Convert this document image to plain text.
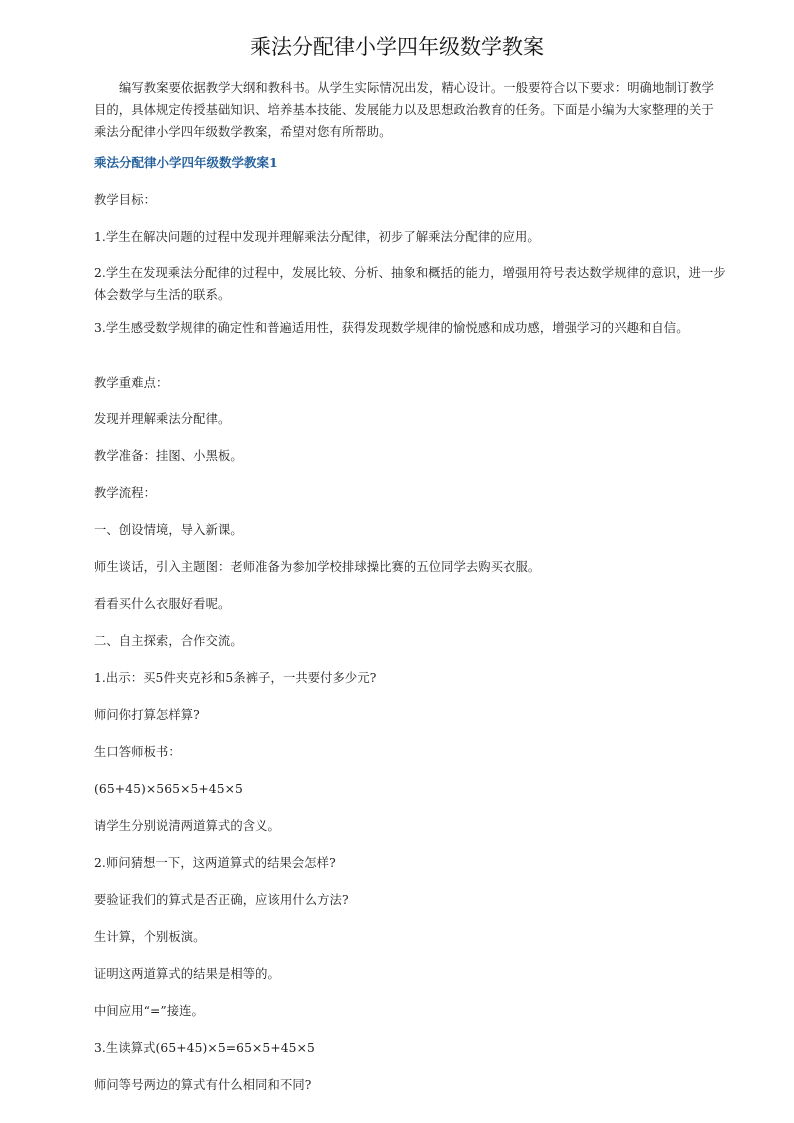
乘法分配律小学四年级数学教案

编写教案要依据教学大纲和教科书。从学生实际情况出发，精心设计。一般要符合以下要求：明确地制订教学目的，具体规定传授基础知识、培养基本技能、发展能力以及思想政治教育的任务。下面是小编为大家整理的关于乘法分配律小学四年级数学教案，希望对您有所帮助。

乘法分配律小学四年级数学教案1

教学目标：

1.学生在解决问题的过程中发现并理解乘法分配律，初步了解乘法分配律的应用。

2.学生在发现乘法分配律的过程中，发展比较、分析、抽象和概括的能力，增强用符号表达数学规律的意识，进一步体会数学与生活的联系。

3.学生感受数学规律的确定性和普遍适用性，获得发现数学规律的愉悦感和成功感，增强学习的兴趣和自信。

教学重难点：

发现并理解乘法分配律。

教学准备：挂图、小黑板。

教学流程：

一、创设情境，导入新课。

师生谈话，引入主题图：老师准备为参加学校排球操比赛的五位同学去购买衣服。

看看买什么衣服好看呢。

二、自主探索，合作交流。

1.出示：买5件夹克衫和5条裤子，一共要付多少元?

师问你打算怎样算?

生口答师板书：

(65+45)×565×5+45×5

请学生分别说清两道算式的含义。

2.师问猜想一下，这两道算式的结果会怎样?

要验证我们的算式是否正确，应该用什么方法?

生计算，个别板演。

证明这两道算式的结果是相等的。

中间应用“=”接连。

3.生读算式(65+45)×5=65×5+45×5

师问等号两边的算式有什么相同和不同?
